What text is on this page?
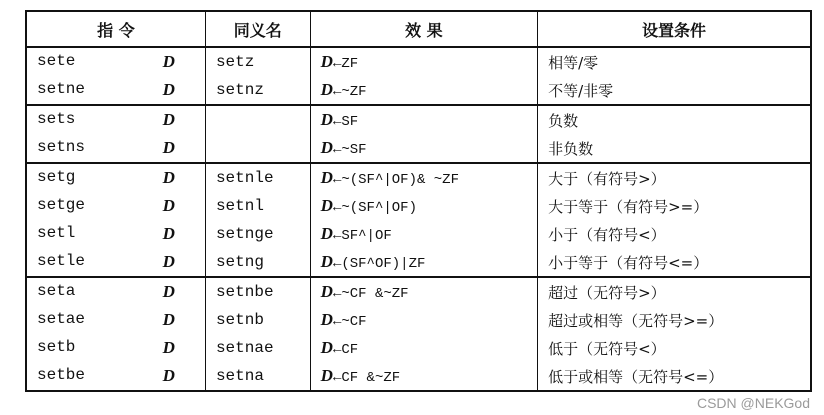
指 令	同义名	效 果	设置条件

sete D	setz	D←ZF	相等/零

setne D	setnz	D←~ZF	不等/非零

sets D		D←SF	负数

setns D		D←~SF	非负数

setg D	setnle	D←~(SF^|OF)& ~ZF	大于（有符号>）

setge D	setnl	D←~(SF^|OF)	大于等于（有符号>=）

setl D	setnge	D←SF^|OF	小于（有符号<）

setle D	setng	D←(SF^OF)|ZF	小于等于（有符号<=）

seta D	setnbe	D←~CF &~ZF	超过（无符号>）

setae D	setnb	D←~CF	超过或相等（无符号>=）

setb D	setnae	D←CF	低于（无符号<）

setbe D	setna	D←CF &~ZF	低于或相等（无符号<=）
CSDN @NEKGod
